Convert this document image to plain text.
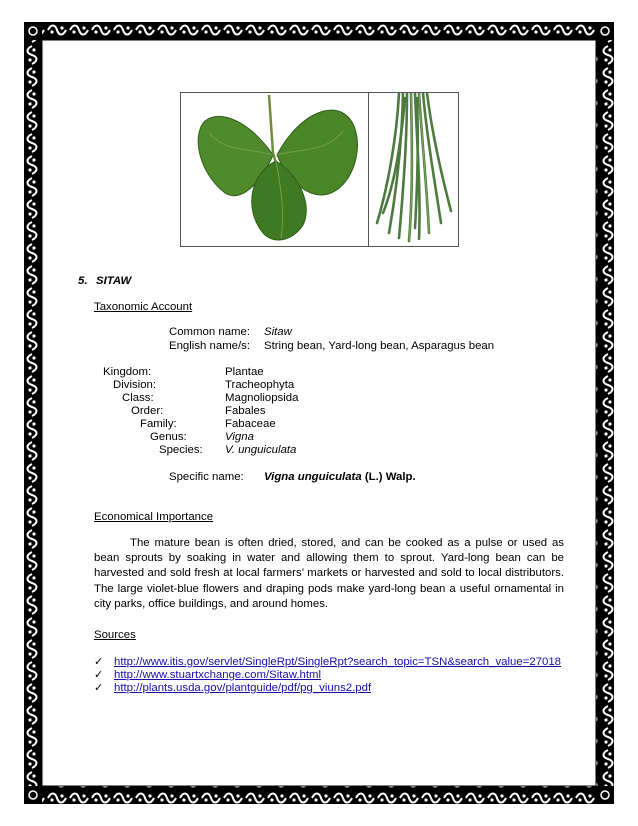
5. SITAW
Taxonomic Account
Common name: Sitaw
English name/s: String bean, Yard-long bean, Asparagus bean
Kingdom:	Plantae
Division:	Tracheophyta
Class:	Magnoliopsida
Order:	Fabales
Family:	Fabaceae
Genus:	Vigna
Species: V. unguiculata
Specific name: Vigna unguiculata (L.) Walp.
Economical Importance
The mature bean is often dried, stored, and can be cooked as a pulse or used as bean sprouts by soaking in water and allowing them to sprout. Yard-long bean can be harvested and sold fresh at local farmers’ markets or harvested and sold to local distributors. The large violet-blue flowers and draping pods make yard-long bean a useful ornamental in city parks, office buildings, and around homes.
Sources
✓ http://www.itis.gov/servlet/SingleRpt/SingleRpt?search_topic=TSN&search_value=27018
✓ http://www.stuartxchange.com/Sitaw.html
✓ http://plants.usda.gov/plantguide/pdf/pg_viuns2.pdf
